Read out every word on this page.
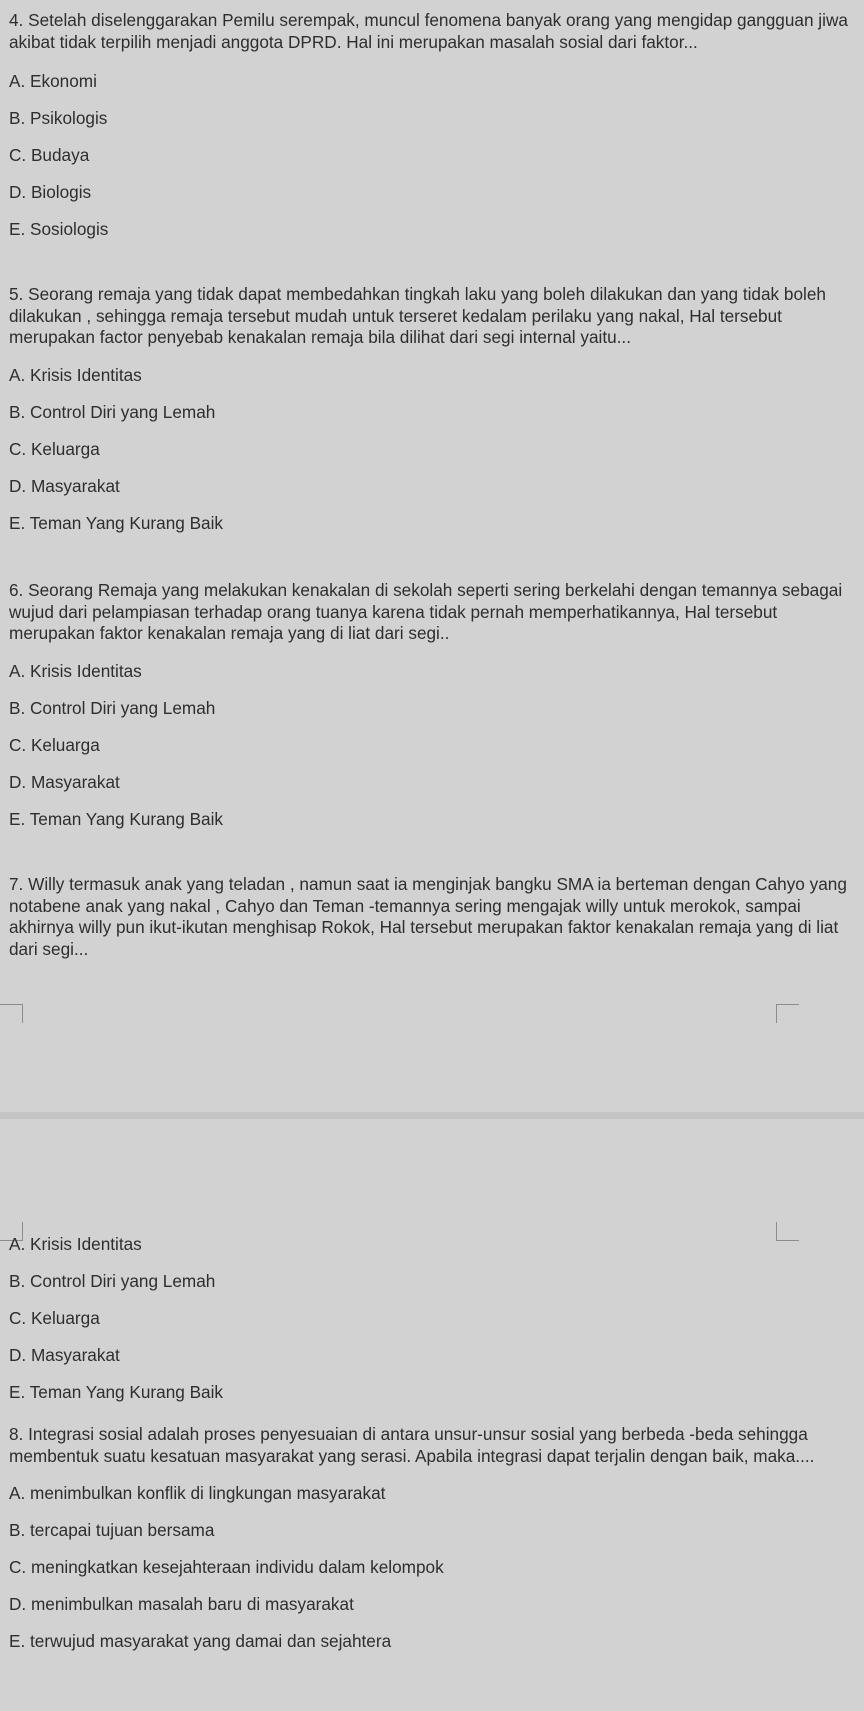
4. Setelah diselenggarakan Pemilu serempak, muncul fenomena banyak orang yang mengidap gangguan jiwa akibat tidak terpilih menjadi anggota DPRD. Hal ini merupakan masalah sosial dari faktor...

A. Ekonomi
B. Psikologis
C. Budaya
D. Biologis
E. Sosiologis

5. Seorang remaja yang tidak dapat membedahkan tingkah laku yang boleh dilakukan dan yang tidak boleh dilakukan , sehingga remaja tersebut mudah untuk terseret kedalam perilaku yang nakal, Hal tersebut merupakan factor penyebab kenakalan remaja bila dilihat dari segi internal yaitu...

A. Krisis Identitas
B. Control Diri yang Lemah
C. Keluarga
D. Masyarakat
E. Teman Yang Kurang Baik

6. Seorang Remaja yang melakukan kenakalan di sekolah seperti sering berkelahi dengan temannya sebagai wujud dari pelampiasan terhadap orang tuanya karena tidak pernah memperhatikannya, Hal tersebut merupakan faktor kenakalan remaja yang di liat dari segi..

A. Krisis Identitas
B. Control Diri yang Lemah
C. Keluarga
D. Masyarakat
E. Teman Yang Kurang Baik

7. Willy termasuk anak yang teladan , namun saat ia menginjak bangku SMA ia berteman dengan Cahyo yang notabene anak yang nakal , Cahyo dan Teman -temannya sering mengajak willy untuk merokok, sampai akhirnya willy pun ikut-ikutan menghisap Rokok, Hal tersebut merupakan faktor kenakalan remaja yang di liat dari segi...

A. Krisis Identitas
B. Control Diri yang Lemah
C. Keluarga
D. Masyarakat
E. Teman Yang Kurang Baik

8. Integrasi sosial adalah proses penyesuaian di antara unsur-unsur sosial yang berbeda -beda sehingga membentuk suatu kesatuan masyarakat yang serasi. Apabila integrasi dapat terjalin dengan baik, maka....

A. menimbulkan konflik di lingkungan masyarakat
B. tercapai tujuan bersama
C. meningkatkan kesejahteraan individu dalam kelompok
D. menimbulkan masalah baru di masyarakat
E. terwujud masyarakat yang damai dan sejahtera
